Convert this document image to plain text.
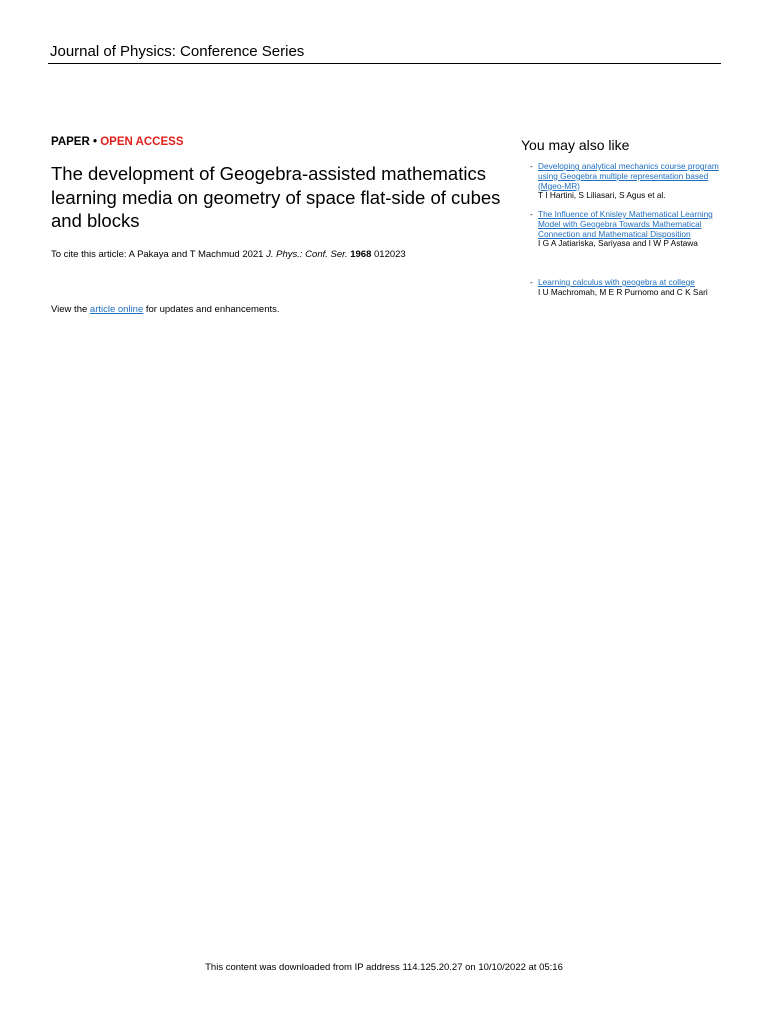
Journal of Physics: Conference Series
PAPER • OPEN ACCESS
The development of Geogebra-assisted mathematics learning media on geometry of space flat-side of cubes and blocks
To cite this article: A Pakaya and T Machmud 2021 J. Phys.: Conf. Ser. 1968 012023
View the article online for updates and enhancements.
You may also like
- Developing analytical mechanics course program using Geogebra multiple representation based (Mgeo-MR)
T I Hartini, S Liliasari, S Agus et al.
- The Influence of Knisley Mathematical Learning Model with Geogebra Towards Mathematical Connection and Mathematical Disposition
I G A Jatiariska, Sariyasa and I W P Astawa
- Learning calculus with geogebra at college
I U Machromah, M E R Purnomo and C K Sari
This content was downloaded from IP address 114.125.20.27 on 10/10/2022 at 05:16
